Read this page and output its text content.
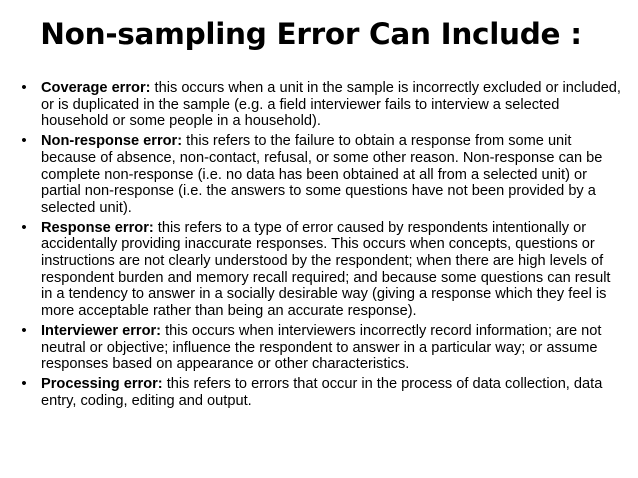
Non-sampling Error Can Include :
• Coverage error: this occurs when a unit in the sample is incorrectly excluded or included, or is duplicated in the sample (e.g. a field interviewer fails to interview a selected household or some people in a household).
• Non-response error: this refers to the failure to obtain a response from some unit because of absence, non-contact, refusal, or some other reason. Non-response can be complete non-response (i.e. no data has been obtained at all from a selected unit) or partial non-response (i.e. the answers to some questions have not been provided by a selected unit).
• Response error: this refers to a type of error caused by respondents intentionally or accidentally providing inaccurate responses. This occurs when concepts, questions or instructions are not clearly understood by the respondent; when there are high levels of respondent burden and memory recall required; and because some questions can result in a tendency to answer in a socially desirable way (giving a response which they feel is more acceptable rather than being an accurate response).
• Interviewer error: this occurs when interviewers incorrectly record information; are not neutral or objective; influence the respondent to answer in a particular way; or assume responses based on appearance or other characteristics.
• Processing error: this refers to errors that occur in the process of data collection, data entry, coding, editing and output.
